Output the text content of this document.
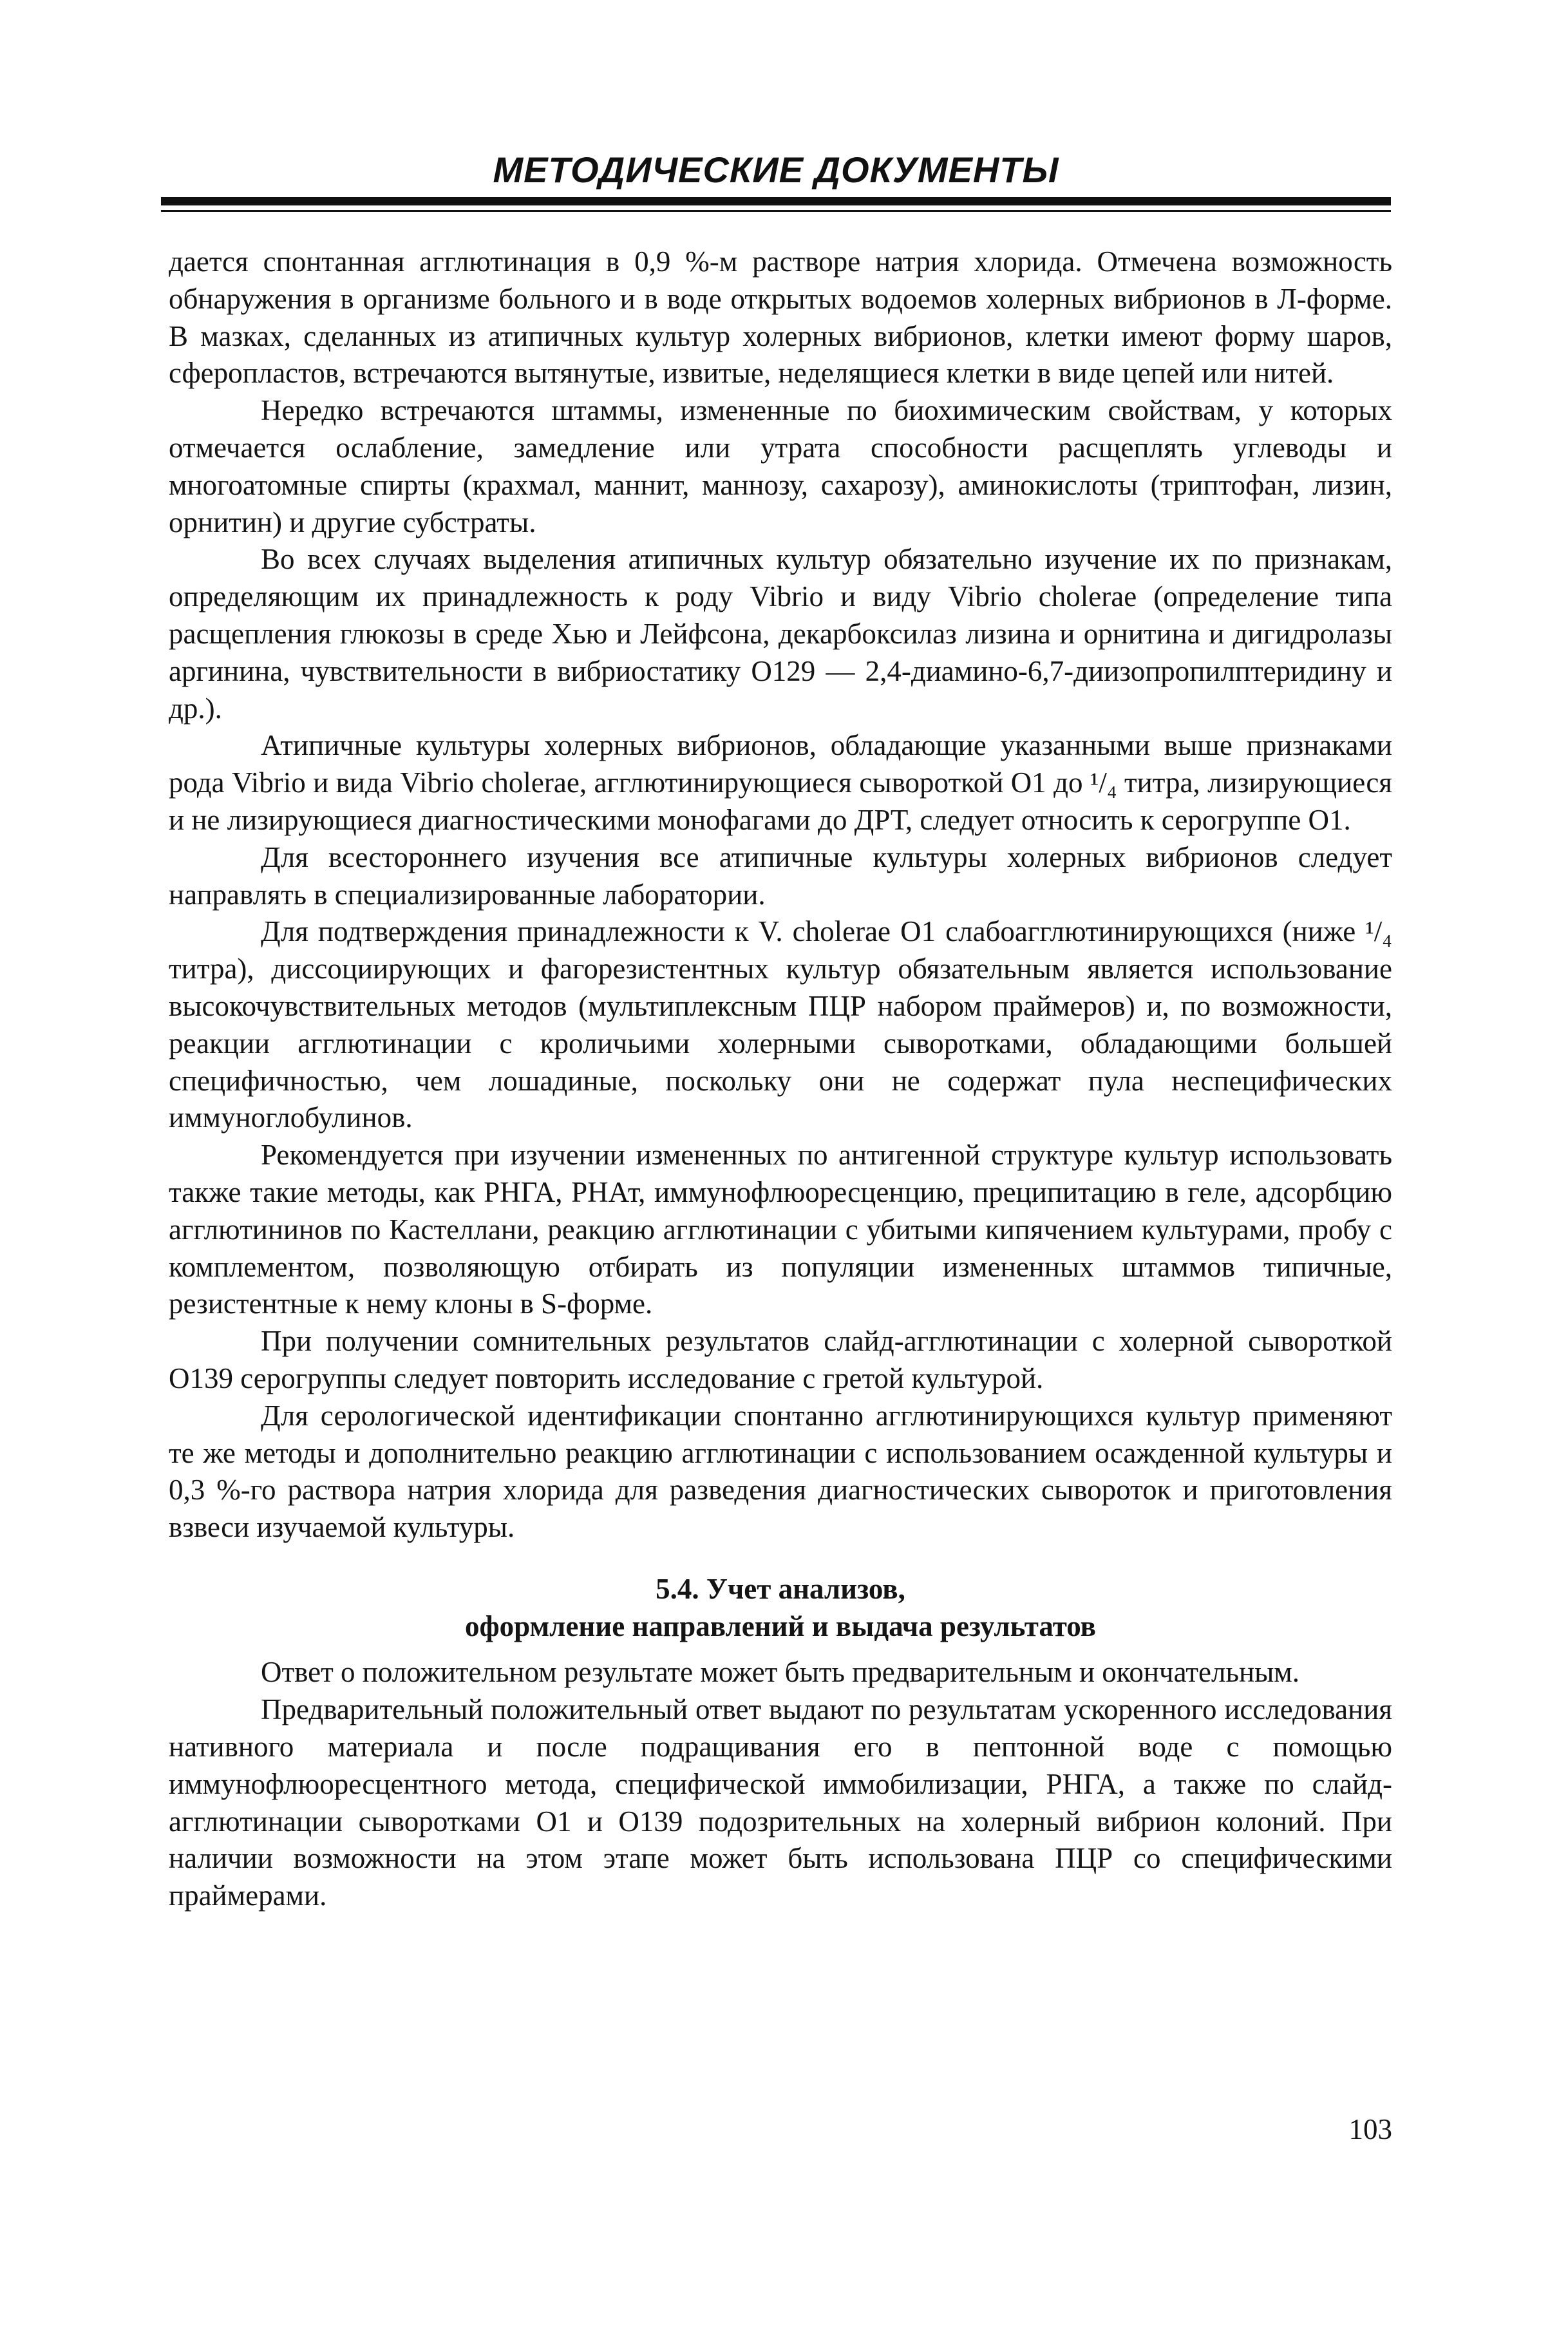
МЕТОДИЧЕСКИЕ ДОКУМЕНТЫ

дается спонтанная агглютинация в 0,9 %-м растворе натрия хлорида. Отмечена возможность обнаружения в организме больного и в воде открытых водоемов холерных вибрионов в Л-форме. В мазках, сделанных из атипичных культур холерных вибрионов, клетки имеют форму шаров, сферопластов, встречаются вытянутые, извитые, неделящиеся клетки в виде цепей или нитей.

Нередко встречаются штаммы, измененные по биохимическим свойствам, у которых отмечается ослабление, замедление или утрата способности расщеплять углеводы и многоатомные спирты (крахмал, маннит, маннозу, сахарозу), аминокислоты (триптофан, лизин, орнитин) и другие субстраты.

Во всех случаях выделения атипичных культур обязательно изучение их по признакам, определяющим их принадлежность к роду Vibrio и виду Vibrio cholerae (определение типа расщепления глюкозы в среде Хью и Лейфсона, декарбоксилаз лизина и орнитина и дигидролазы аргинина, чувствительности в вибриостатику О129 — 2,4-диамино-6,7-диизопропилптеридину и др.).

Атипичные культуры холерных вибрионов, обладающие указанными выше признаками рода Vibrio и вида Vibrio cholerae, агглютинирующиеся сывороткой О1 до ¹/₄ титра, лизирующиеся и не лизирующиеся диагностическими монофагами до ДРТ, следует относить к серогруппе О1.

Для всестороннего изучения все атипичные культуры холерных вибрионов следует направлять в специализированные лаборатории.

Для подтверждения принадлежности к V. cholerae О1 слабоагглютинирующихся (ниже ¹/₄ титра), диссоциирующих и фагорезистентных культур обязательным является использование высокочувствительных методов (мультиплексным ПЦР набором праймеров) и, по возможности, реакции агглютинации с кроличьими холерными сыворотками, обладающими большей специфичностью, чем лошадиные, поскольку они не содержат пула неспецифических иммуноглобулинов.

Рекомендуется при изучении измененных по антигенной структуре культур использовать также такие методы, как РНГА, РНАт, иммунофлюоресценцию, преципитацию в геле, адсорбцию агглютининов по Кастеллани, реакцию агглютинации с убитыми кипячением культурами, пробу с комплементом, позволяющую отбирать из популяции измененных штаммов типичные, резистентные к нему клоны в S-форме.

При получении сомнительных результатов слайд-агглютинации с холерной сывороткой О139 серогруппы следует повторить исследование с гретой культурой.

Для серологической идентификации спонтанно агглютинирующихся культур применяют те же методы и дополнительно реакцию агглютинации с использованием осажденной культуры и 0,3 %-го раствора натрия хлорида для разведения диагностических сывороток и приготовления взвеси изучаемой культуры.

5.4. Учет анализов,

оформление направлений и выдача результатов

Ответ о положительном результате может быть предварительным и окончательным.

Предварительный положительный ответ выдают по результатам ускоренного исследования нативного материала и после подращивания его в пептонной воде с помощью иммунофлюоресцентного метода, специфической иммобилизации, РНГА, а также по слайд-агглютинации сыворотками О1 и О139 подозрительных на холерный вибрион колоний. При наличии возможности на этом этапе может быть использована ПЦР со специфическими праймерами.

103
